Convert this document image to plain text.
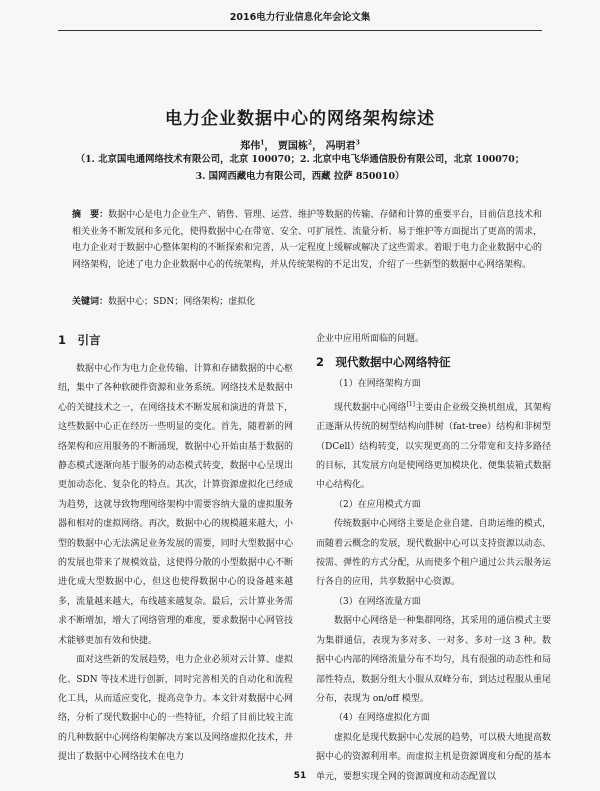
2016电力行业信息化年会论文集
电力企业数据中心的网络架构综述
郑伟$^1$， 贾国栋$^2$， 冯明君$^3$
（1. 北京国电通网络技术有限公司，北京 100070；2. 北京中电飞华通信股份有限公司，北京 100070；
3. 国网西藏电力有限公司，西藏 拉萨 850010）
摘　要：数据中心是电力企业生产、销售、管理、运营、维护等数据的传输、存储和计算的重要平台，目前信息技术和相关业务不断发展和多元化，使得数据中心在带宽、安全、可扩展性、流量分析、易于维护等方面提出了更高的需求，电力企业对于数据中心整体架构的不断探索和完善，从一定程度上缓解或解决了这些需求。着眼于电力企业数据中心的网络架构，论述了电力企业数据中心的传统架构，并从传统架构的不足出发，介绍了一些新型的数据中心网络架构。
关键词：数据中心；SDN；网络架构；虚拟化
1　引言

数据中心作为电力企业传输、计算和存储数据的中心枢纽，集中了各种软硬件资源和业务系统。网络技术是数据中心的关键技术之一，在网络技术不断发展和演进的背景下，这些数据中心正在经历一些明显的变化。首先，随着新的网络架构和应用服务的不断涌现，数据中心开始由基于数据的静态模式逐渐向基于服务的动态模式转变，数据中心呈现出更加动态化、复杂化的特点。其次，计算资源虚拟化已经成为趋势，这就导致物理网络架构中需要容纳大量的虚拟服务器和相对的虚拟网络。再次，数据中心的规模越来越大，小型的数据中心无法满足业务发展的需要，同时大型数据中心的发展也带来了规模效益，这使得分散的小型数据中心不断进化成大型数据中心，但这也使得数据中心的设备越来越多，流量越来越大，布线越来越复杂。最后，云计算业务需求不断增加，增大了网络管理的难度，要求数据中心网管技术能够更加有效和快捷。

面对这些新的发展趋势，电力企业必须对云计算、虚拟化、SDN 等技术进行创新，同时完善相关的自动化和流程化工具，从而适应变化，提高竞争力。本文针对数据中心网络，分析了现代数据中心的一些特征，介绍了目前比较主流的几种数据中心网络构架解决方案以及网络虚拟化技术，并提出了数据中心网络技术在电力

企业中应用所面临的问题。

2　现代数据中心网络特征

（1）在网络架构方面

现代数据中心网络[1]主要由企业级交换机组成，其架构正逐渐从传统的树型结构向胖树（fat-tree）结构和非树型（DCell）结构转变，以实现更高的二分带宽和支持多路径的目标，其发展方向是使网络更加模块化、便集装箱式数据中心结构化。

（2）在应用模式方面

传统数据中心网络主要是企业自建、自助运维的模式，而随着云概念的发展，现代数据中心可以支持资源以动态、按需、弹性的方式分配，从而使多个租户通过公共云服务运行各自的应用，共享数据中心资源。

（3）在网络流量方面

数据中心网络是一种集群网络，其采用的通信模式主要为集群通信，表现为多对多、一对多、多对一这 3 种。数据中心内部的网络流量分布不均匀，具有很强的动态性和局部性特点，数据分组大小服从双峰分布，到达过程服从重尾分布，表现为 on/off 模型。

（4）在网络虚拟化方面

虚拟化是现代数据中心发展的趋势，可以极大地提高数据中心的资源利用率。而虚拟主机是资源调度和分配的基本单元，要想实现全网的资源调度和动态配置以

51
